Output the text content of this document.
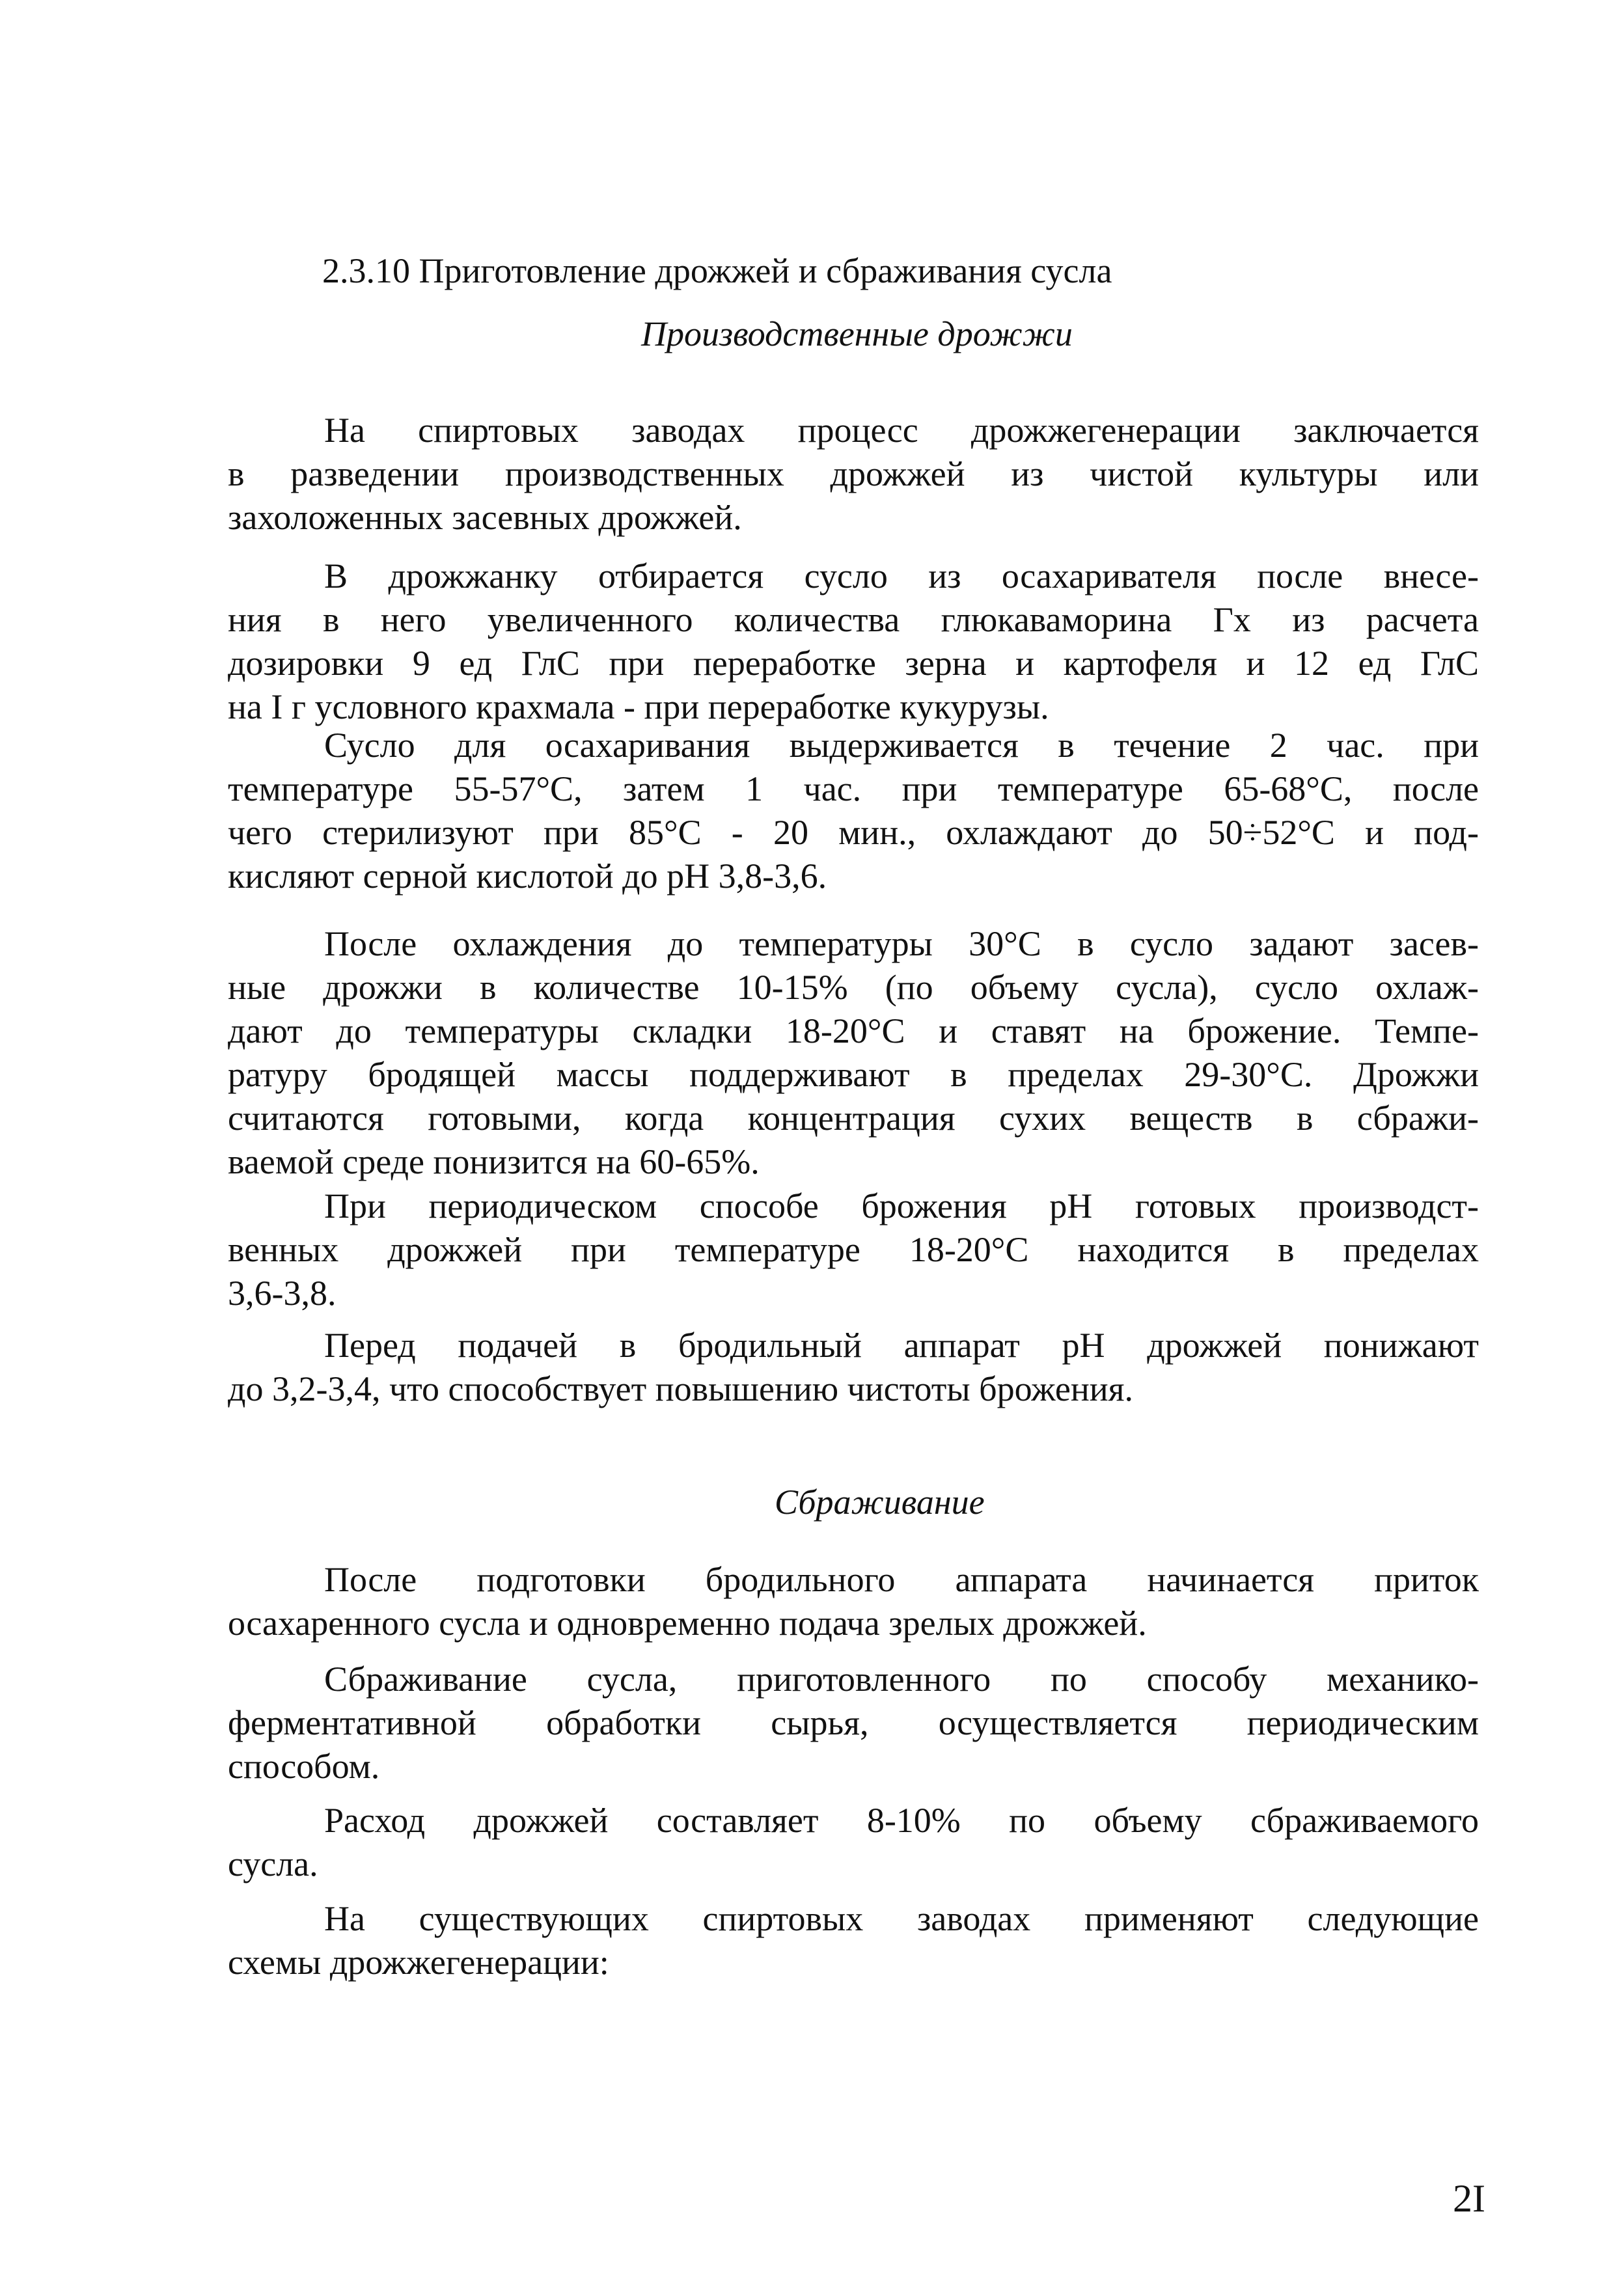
2.3.10 Приготовление дрожжей и сбраживания сусла
Производственные дрожжи
На спиртовых заводах процесс дрожжегенерации заключается
в разведении производственных дрожжей из чистой культуры или
захоложенных засевных дрожжей.
В дрожжанку отбирается сусло из осахаривателя после внесе-
ния в него увеличенного количества глюкаваморина Гх из расчета
дозировки 9 ед ГлС при переработке зерна и картофеля и 12 ед ГлС
на I г условного крахмала - при переработке кукурузы.
Сусло для осахаривания выдерживается в течение 2 час. при
температуре 55-57°С, затем 1 час. при температуре 65-68°С, после
чего стерилизуют при 85°С - 20 мин., охлаждают до 50÷52°С и под-
кисляют серной кислотой до рН 3,8-3,6.
После охлаждения до температуры 30°С в сусло задают засев-
ные дрожжи в количестве 10-15% (по объему сусла), сусло охлаж-
дают до температуры складки 18-20°С и ставят на брожение. Темпе-
ратуру бродящей массы поддерживают в пределах 29-30°С. Дрожжи
считаются готовыми, когда концентрация сухих веществ в сбражи-
ваемой среде понизится на 60-65%.
При периодическом способе брожения рН готовых производст-
венных дрожжей при температуре 18-20°С находится в пределах
3,6-3,8.
Перед подачей в бродильный аппарат рН дрожжей понижают
до 3,2-3,4, что способствует повышению чистоты брожения.
Сбраживание
После подготовки бродильного аппарата начинается приток
осахаренного сусла и одновременно подача зрелых дрожжей.
Сбраживание сусла, приготовленного по способу механико-
ферментативной обработки сырья, осуществляется периодическим
способом.
Расход дрожжей составляет 8-10% по объему сбраживаемого
сусла.
На существующих спиртовых заводах применяют следующие
схемы дрожжегенерации:
2I
